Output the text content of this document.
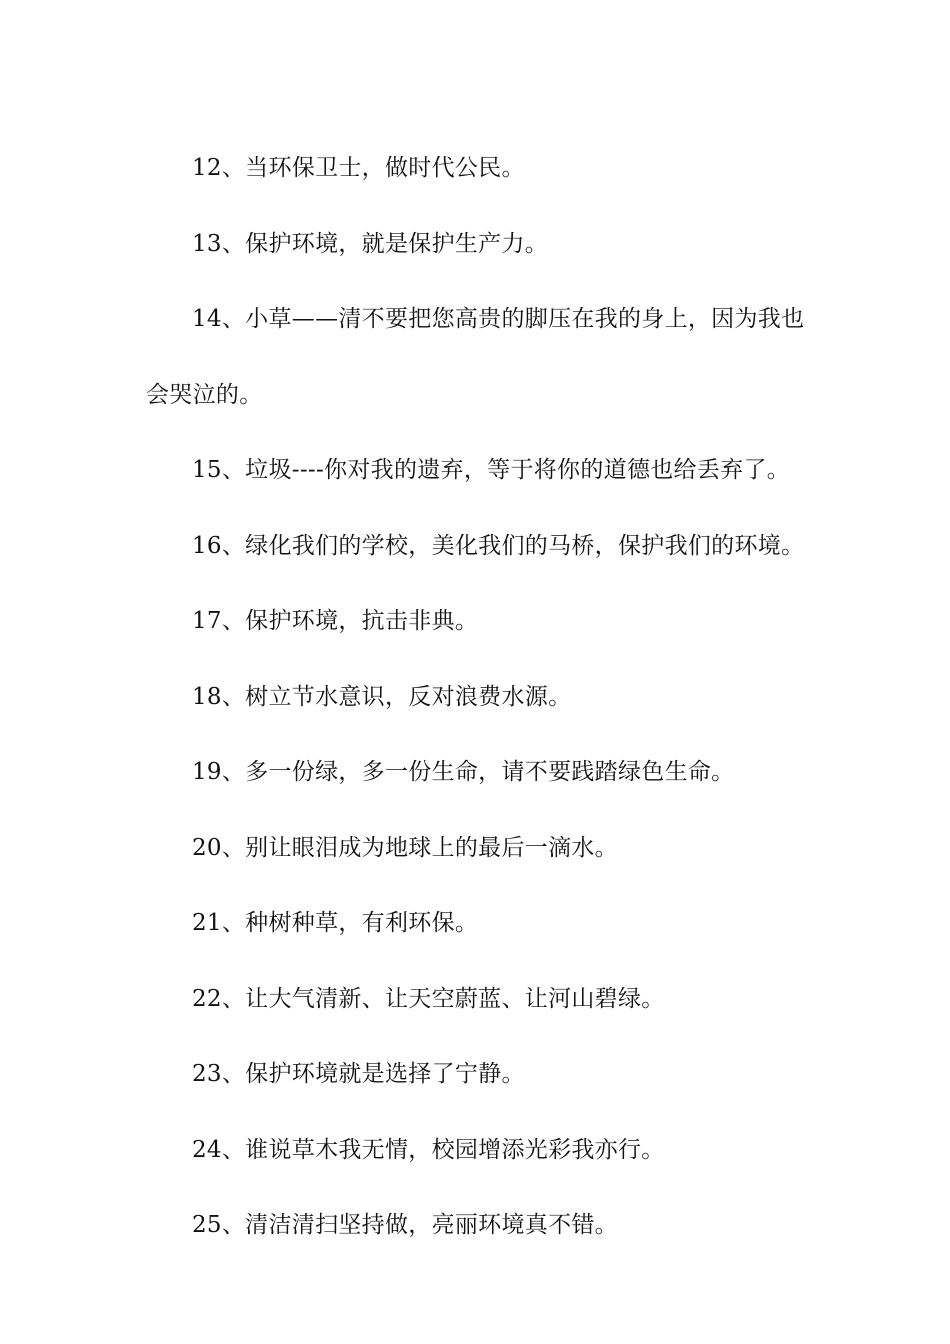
12、当环保卫士，做时代公民。

13、保护环境，就是保护生产力。

14、小草——清不要把您高贵的脚压在我的身上，因为我也会哭泣的。

15、垃圾----你对我的遗弃，等于将你的道德也给丢弃了。

16、绿化我们的学校，美化我们的马桥，保护我们的环境。

17、保护环境，抗击非典。

18、树立节水意识，反对浪费水源。

19、多一份绿，多一份生命，请不要践踏绿色生命。

20、别让眼泪成为地球上的最后一滴水。

21、种树种草，有利环保。

22、让大气清新、让天空蔚蓝、让河山碧绿。

23、保护环境就是选择了宁静。

24、谁说草木我无情，校园增添光彩我亦行。

25、清洁清扫坚持做，亮丽环境真不错。
